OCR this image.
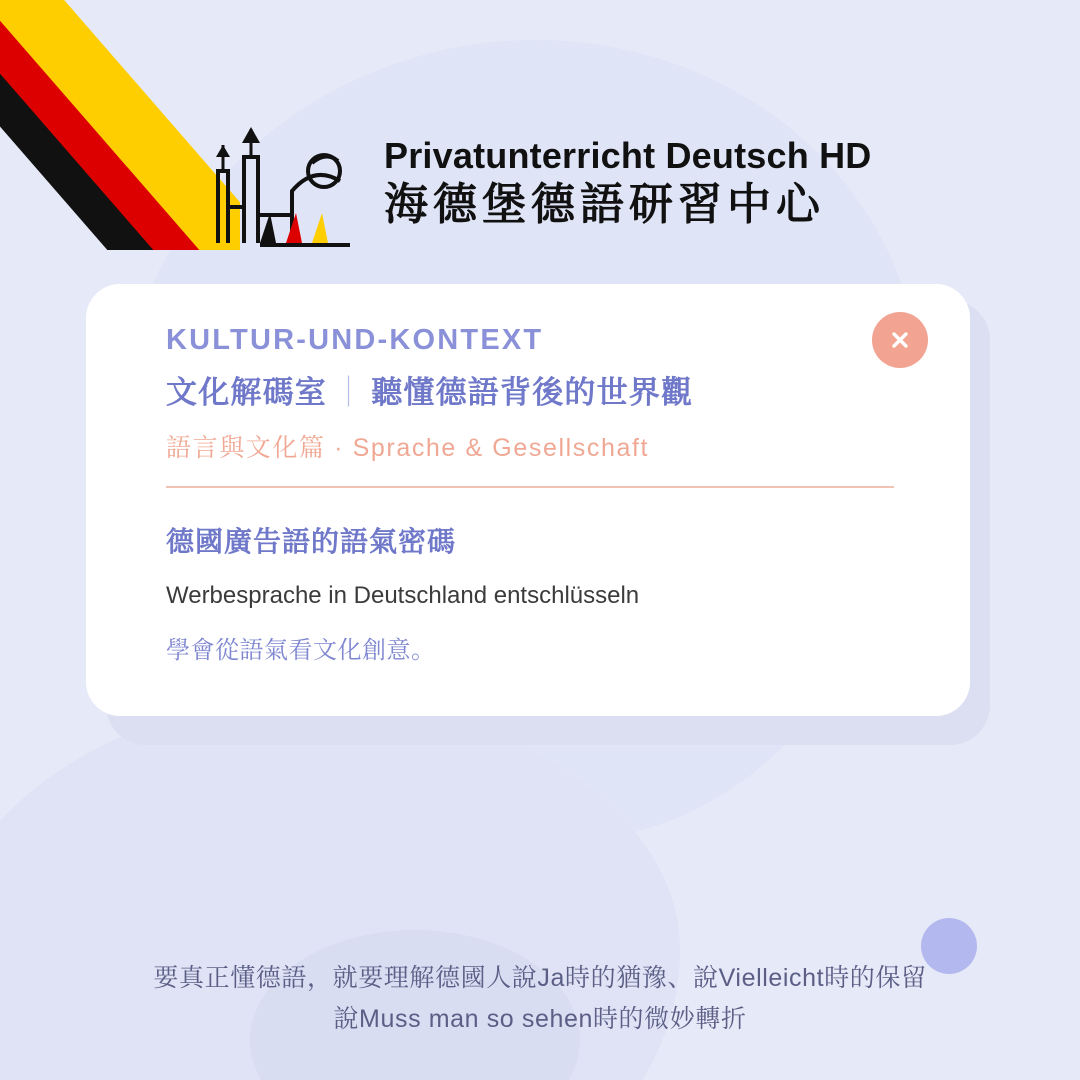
Privatunterricht Deutsch HD
海德堡德語研習中心
KULTUR-UND-KONTEXT
文化解碼室 ｜ 聽懂德語背後的世界觀
語言與文化篇 · Sprache & Gesellschaft
德國廣告語的語氣密碼
Werbesprache in Deutschland entschlüsseln
學會從語氣看文化創意。
要真正懂德語，就要理解德國人說Ja時的猶豫、說Vielleicht時的保留
說Muss man so sehen時的微妙轉折
